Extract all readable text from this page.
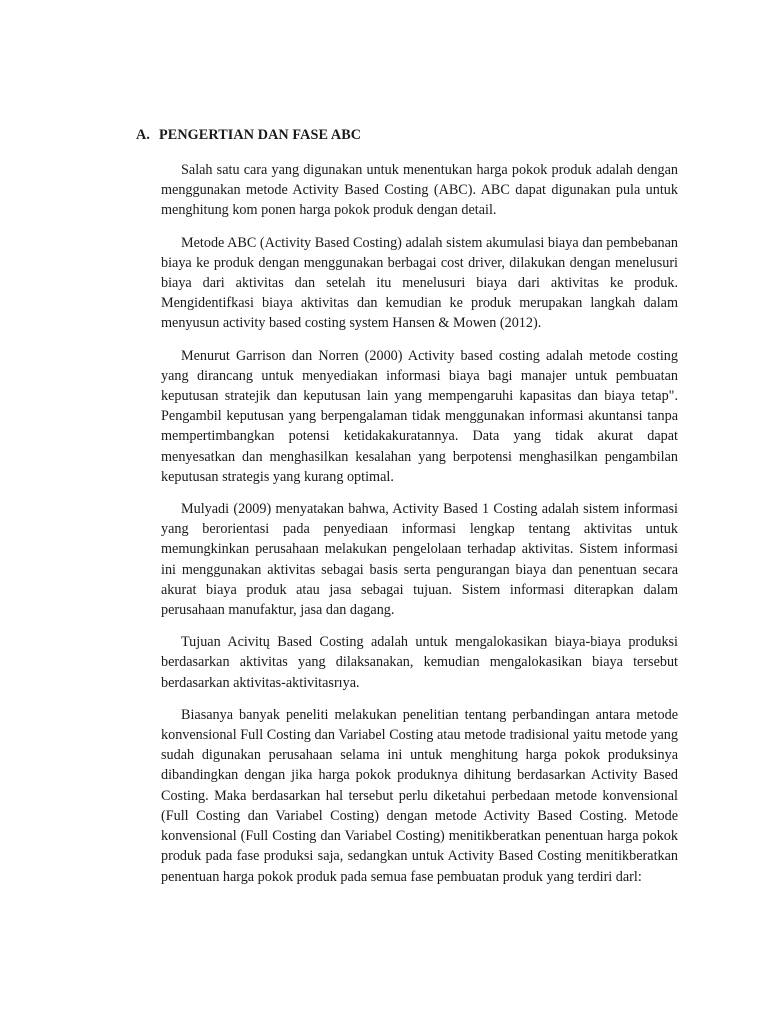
A. PENGERTIAN DAN FASE ABC

Salah satu cara yang digunakan untuk menentukan harga pokok produk adalah dengan menggunakan metode Activity Based Costing (ABC). ABC dapat digunakan pula untuk menghitung kom ponen harga pokok produk dengan detail.

Metode ABC (Activity Based Costing) adalah sistem akumulasi biaya dan pembebanan biaya ke produk dengan menggunakan berbagai cost driver, dilakukan dengan menelusuri biaya dari aktivitas dan setelah itu menelusuri biaya dari aktivitas ke produk. Mengidentifkasi biaya aktivitas dan kemudian ke produk merupakan langkah dalam menyusun activity based costing system Hansen & Mowen (2012).

Menurut Garrison dan Norren (2000) Activity based costing adalah metode costing yang dirancang untuk menyediakan informasi biaya bagi manajer untuk pembuatan keputusan stratejik dan keputusan lain yang mempengaruhi kapasitas dan biaya tetap". Pengambil keputusan yang berpengalaman tidak menggunakan informasi akuntansi tanpa mempertimbangkan potensi ketidakakuratannya. Data yang tidak akurat dapat menyesatkan dan menghasilkan kesalahan yang berpotensi menghasilkan pengambilan keputusan strategis yang kurang optimal.

Mulyadi (2009) menyatakan bahwa, Activity Based 1 Costing adalah sistem informasi yang berorientasi pada penyediaan informasi lengkap tentang aktivitas untuk memungkinkan perusahaan melakukan pengelolaan terhadap aktivitas. Sistem informasi ini menggunakan aktivitas sebagai basis serta pengurangan biaya dan penentuan secara akurat biaya produk atau jasa sebagai tujuan. Sistem informasi diterapkan dalam perusahaan manufaktur, jasa dan dagang.

Tujuan Acivitų Based Costing adalah untuk mengalokasikan biaya-biaya produksi berdasarkan aktivitas yang dilaksanakan, kemudian mengalokasikan biaya tersebut berdasarkan aktivitas-aktivitasrıya.

Biasanya banyak peneliti melakukan penelitian tentang perbandingan antara metode konvensional Full Costing dan Variabel Costing atau metode tradisional yaitu metode yang sudah digunakan perusahaan selama ini untuk menghitung harga pokok produksinya dibandingkan dengan jika harga pokok produknya dihitung berdasarkan Activity Based Costing. Maka berdasarkan hal tersebut perlu diketahui perbedaan metode konvensional (Full Costing dan Variabel Costing) dengan metode Activity Based Costing. Metode konvensional (Full Costing dan Variabel Costing) menitikberatkan penentuan harga pokok produk pada fase produksi saja, sedangkan untuk Activity Based Costing menitikberatkan penentuan harga pokok produk pada semua fase pembuatan produk yang terdiri darl:
